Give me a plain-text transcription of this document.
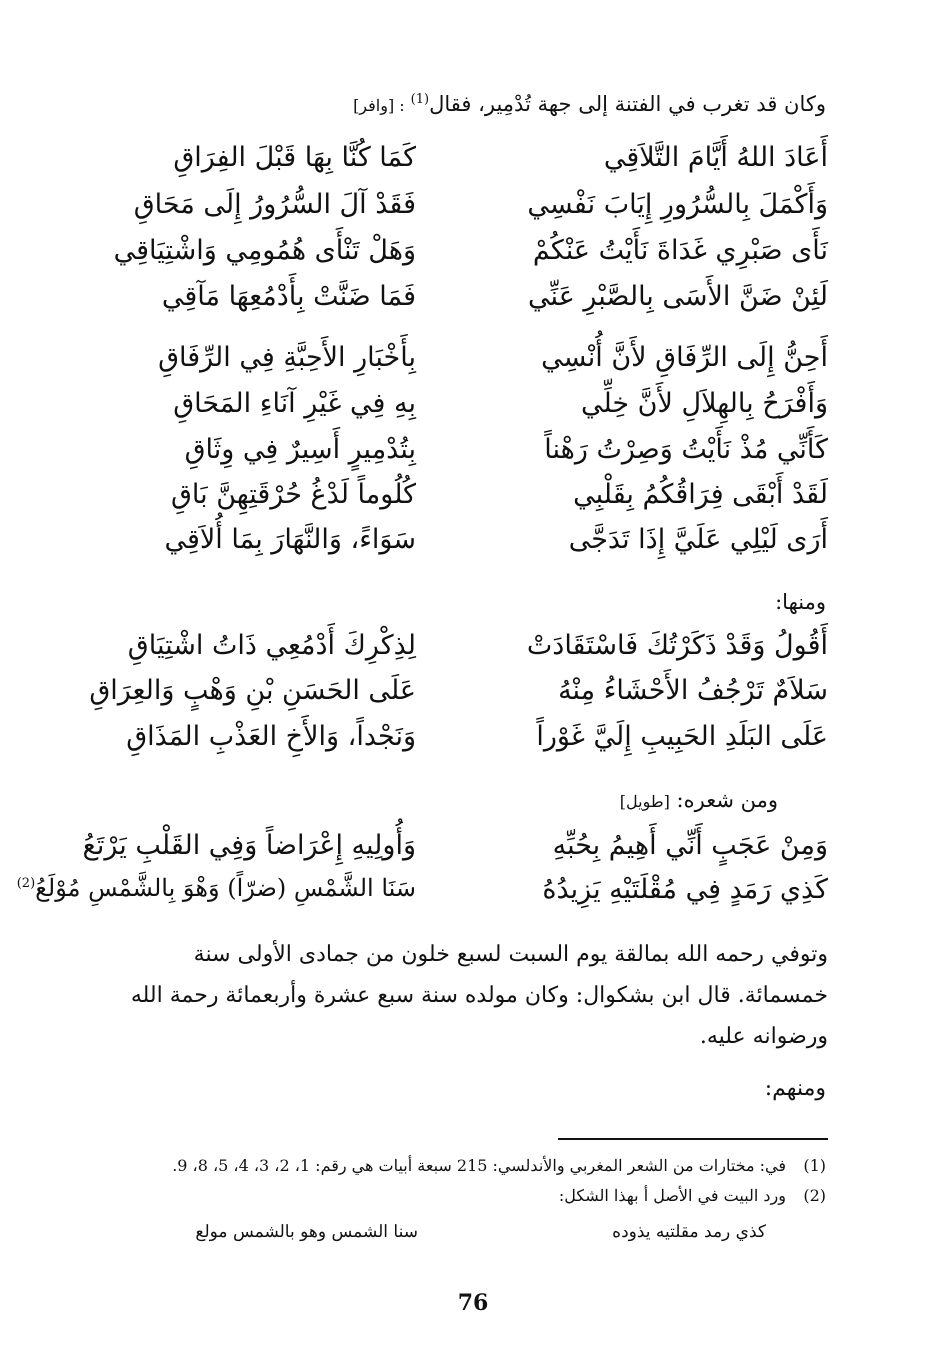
وكان قد تغرب في الفتنة إلى جهة تُدْمِير، فقال$^{(1)}$: [وافر]
أَعَادَ اللهُ أَيَّامَ التَّلاَقِي
كَمَا كُنَّا بِهَا قَبْلَ الفِرَاقِ
وَأَكْمَلَ بِالسُّرُورِ إِيَابَ نَفْسِي
فَقَدْ آلَ السُّرُورُ إِلَى مَحَاقِ
نَأَى صَبْرِي غَدَاةَ نَأَيْتُ عَنْكُمْ
وَهَلْ تَنْأَى هُمُومِي وَاشْتِيَاقِي
لَئِنْ ضَنَّ الأَسَى بِالصَّبْرِ عَنِّي
فَمَا ضَنَّتْ بِأَدْمُعِهَا مَآقِي
أَحِنُّ إِلَى الرِّفَاقِ لأَنَّ أُنْسِي
بِأَخْبَارِ الأَحِبَّةِ فِي الرِّفَاقِ
وَأَفْرَحُ بِالهِلاَلِ لأَنَّ خِلِّي
بِهِ فِي غَيْرِ آنَاءِ المَحَاقِ
كَأَنِّي مُذْ نَأَيْتُ وَصِرْتُ رَهْناً
بِتُدْمِيرٍ أَسِيرٌ فِي وِثَاقِ
لَقَدْ أَبْقَى فِرَاقُكُمُ بِقَلْبِي
كُلُوماً لَدْغُ حُرْقَتِهِنَّ بَاقِ
أَرَى لَيْلِي عَلَيَّ إِذَا تَدَجَّى
سَوَاءً، وَالنَّهَارَ بِمَا أُلاَقِي
ومنها:
أَقُولُ وَقَدْ ذَكَرْتُكَ فَاسْتَقَادَتْ
لِذِكْرِكَ أَدْمُعِي ذَاتُ اشْتِيَاقِ
سَلاَمٌ تَرْجُفُ الأَحْشَاءُ مِنْهُ
عَلَى الحَسَنِ بْنِ وَهْبٍ وَالعِرَاقِ
عَلَى البَلَدِ الحَبِيبِ إِلَيَّ غَوْراً
وَنَجْداً، وَالأَخِ العَذْبِ المَذَاقِ
ومن شعره: [طويل]
وَمِنْ عَجَبٍ أَنِّي أَهِيمُ بِحُبِّهِ
وَأُولِيهِ إِعْرَاضاً وَفِي القَلْبِ يَرْتَعُ
كَذِي رَمَدٍ فِي مُقْلَتَيْهِ يَزِيدُهُ
سَنَا الشَّمْسِ (ضرّاً) وَهْوَ بِالشَّمْسِ مُوْلَعُ$^{(2)}$
وتوفي رحمه الله بمالقة يوم السبت لسبع خلون من جمادى الأولى سنة
خمسمائة. قال ابن بشكوال: وكان مولده سنة سبع عشرة وأربعمائة رحمة الله
ورضوانه عليه.
ومنهم:
(1)في: مختارات من الشعر المغربي والأندلسي: 215 سبعة أبيات هي رقم: 1، 2، 3، 4، 5، 8، 9.
(2)ورد البيت في الأصل أ بهذا الشكل:
كذي رمد مقلتيه يذوده
سنا الشمس وهو بالشمس مولع
76
